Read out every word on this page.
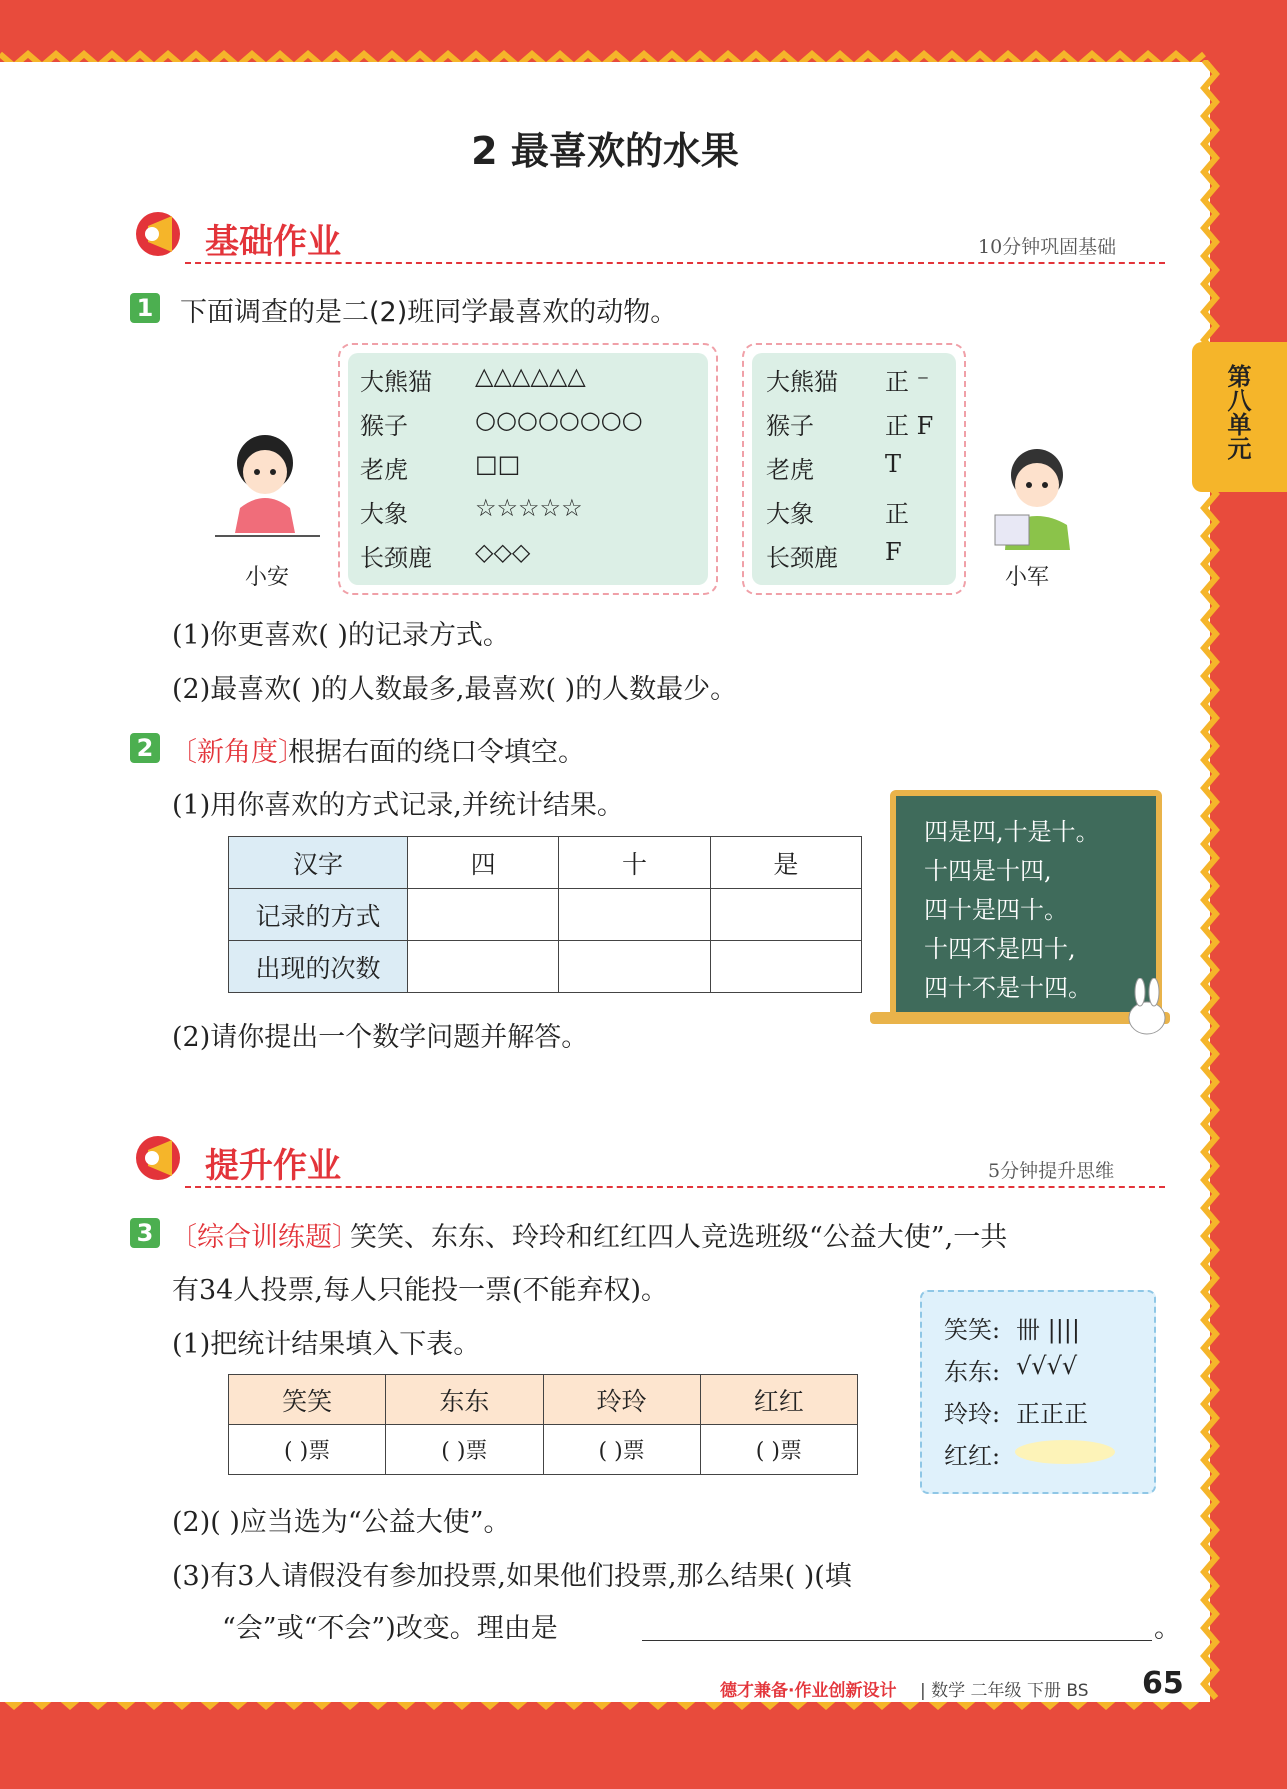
第八单元
2 最喜欢的水果
基础作业	10分钟巩固基础
1 下面调查的是二(2)班同学最喜欢的动物。
大熊猫 △△△△△△
猴子	○○○○○○○○
老虎	□□
大象	☆☆☆☆☆
长颈鹿 ◇◇◇
大熊猫 正 ⁻
猴子	正 F
老虎	T
大象	正
长颈鹿 F
小安	小军
(1)你更喜欢( )的记录方式。
(2)最喜欢( )的人数最多,最喜欢( )的人数最少。
2 〔新角度〕
根据右面的绕口令填空。
(1)用你喜欢的方式记录,并统计结果。
汉字	四	十	是
记录的方式			
出现的次数			
四是四,十是十。
十四是十四,
四十是四十。
十四不是四十,
四十不是十四。
(2)请你提出一个数学问题并解答。
提升作业	5分钟提升思维
3 〔综合训练题〕
笑笑、东东、玲玲和红红四人竞选班级“公益大使”,一共
有34人投票,每人只能投一票(不能弃权)。
(1)把统计结果填入下表。
笑笑	东东	玲玲	红红
( )票	( )票	( )票	( )票
笑笑: 卌 ||||
东东: √√√√
玲玲: 正正正
红红:
(2)( )应当选为“公益大使”。
(3)有3人请假没有参加投票,如果他们投票,那么结果( )(填
“会”或“不会”)改变。理由是	。
德才兼备·作业创新设计 | 数学 二年级 下册 BS 65
